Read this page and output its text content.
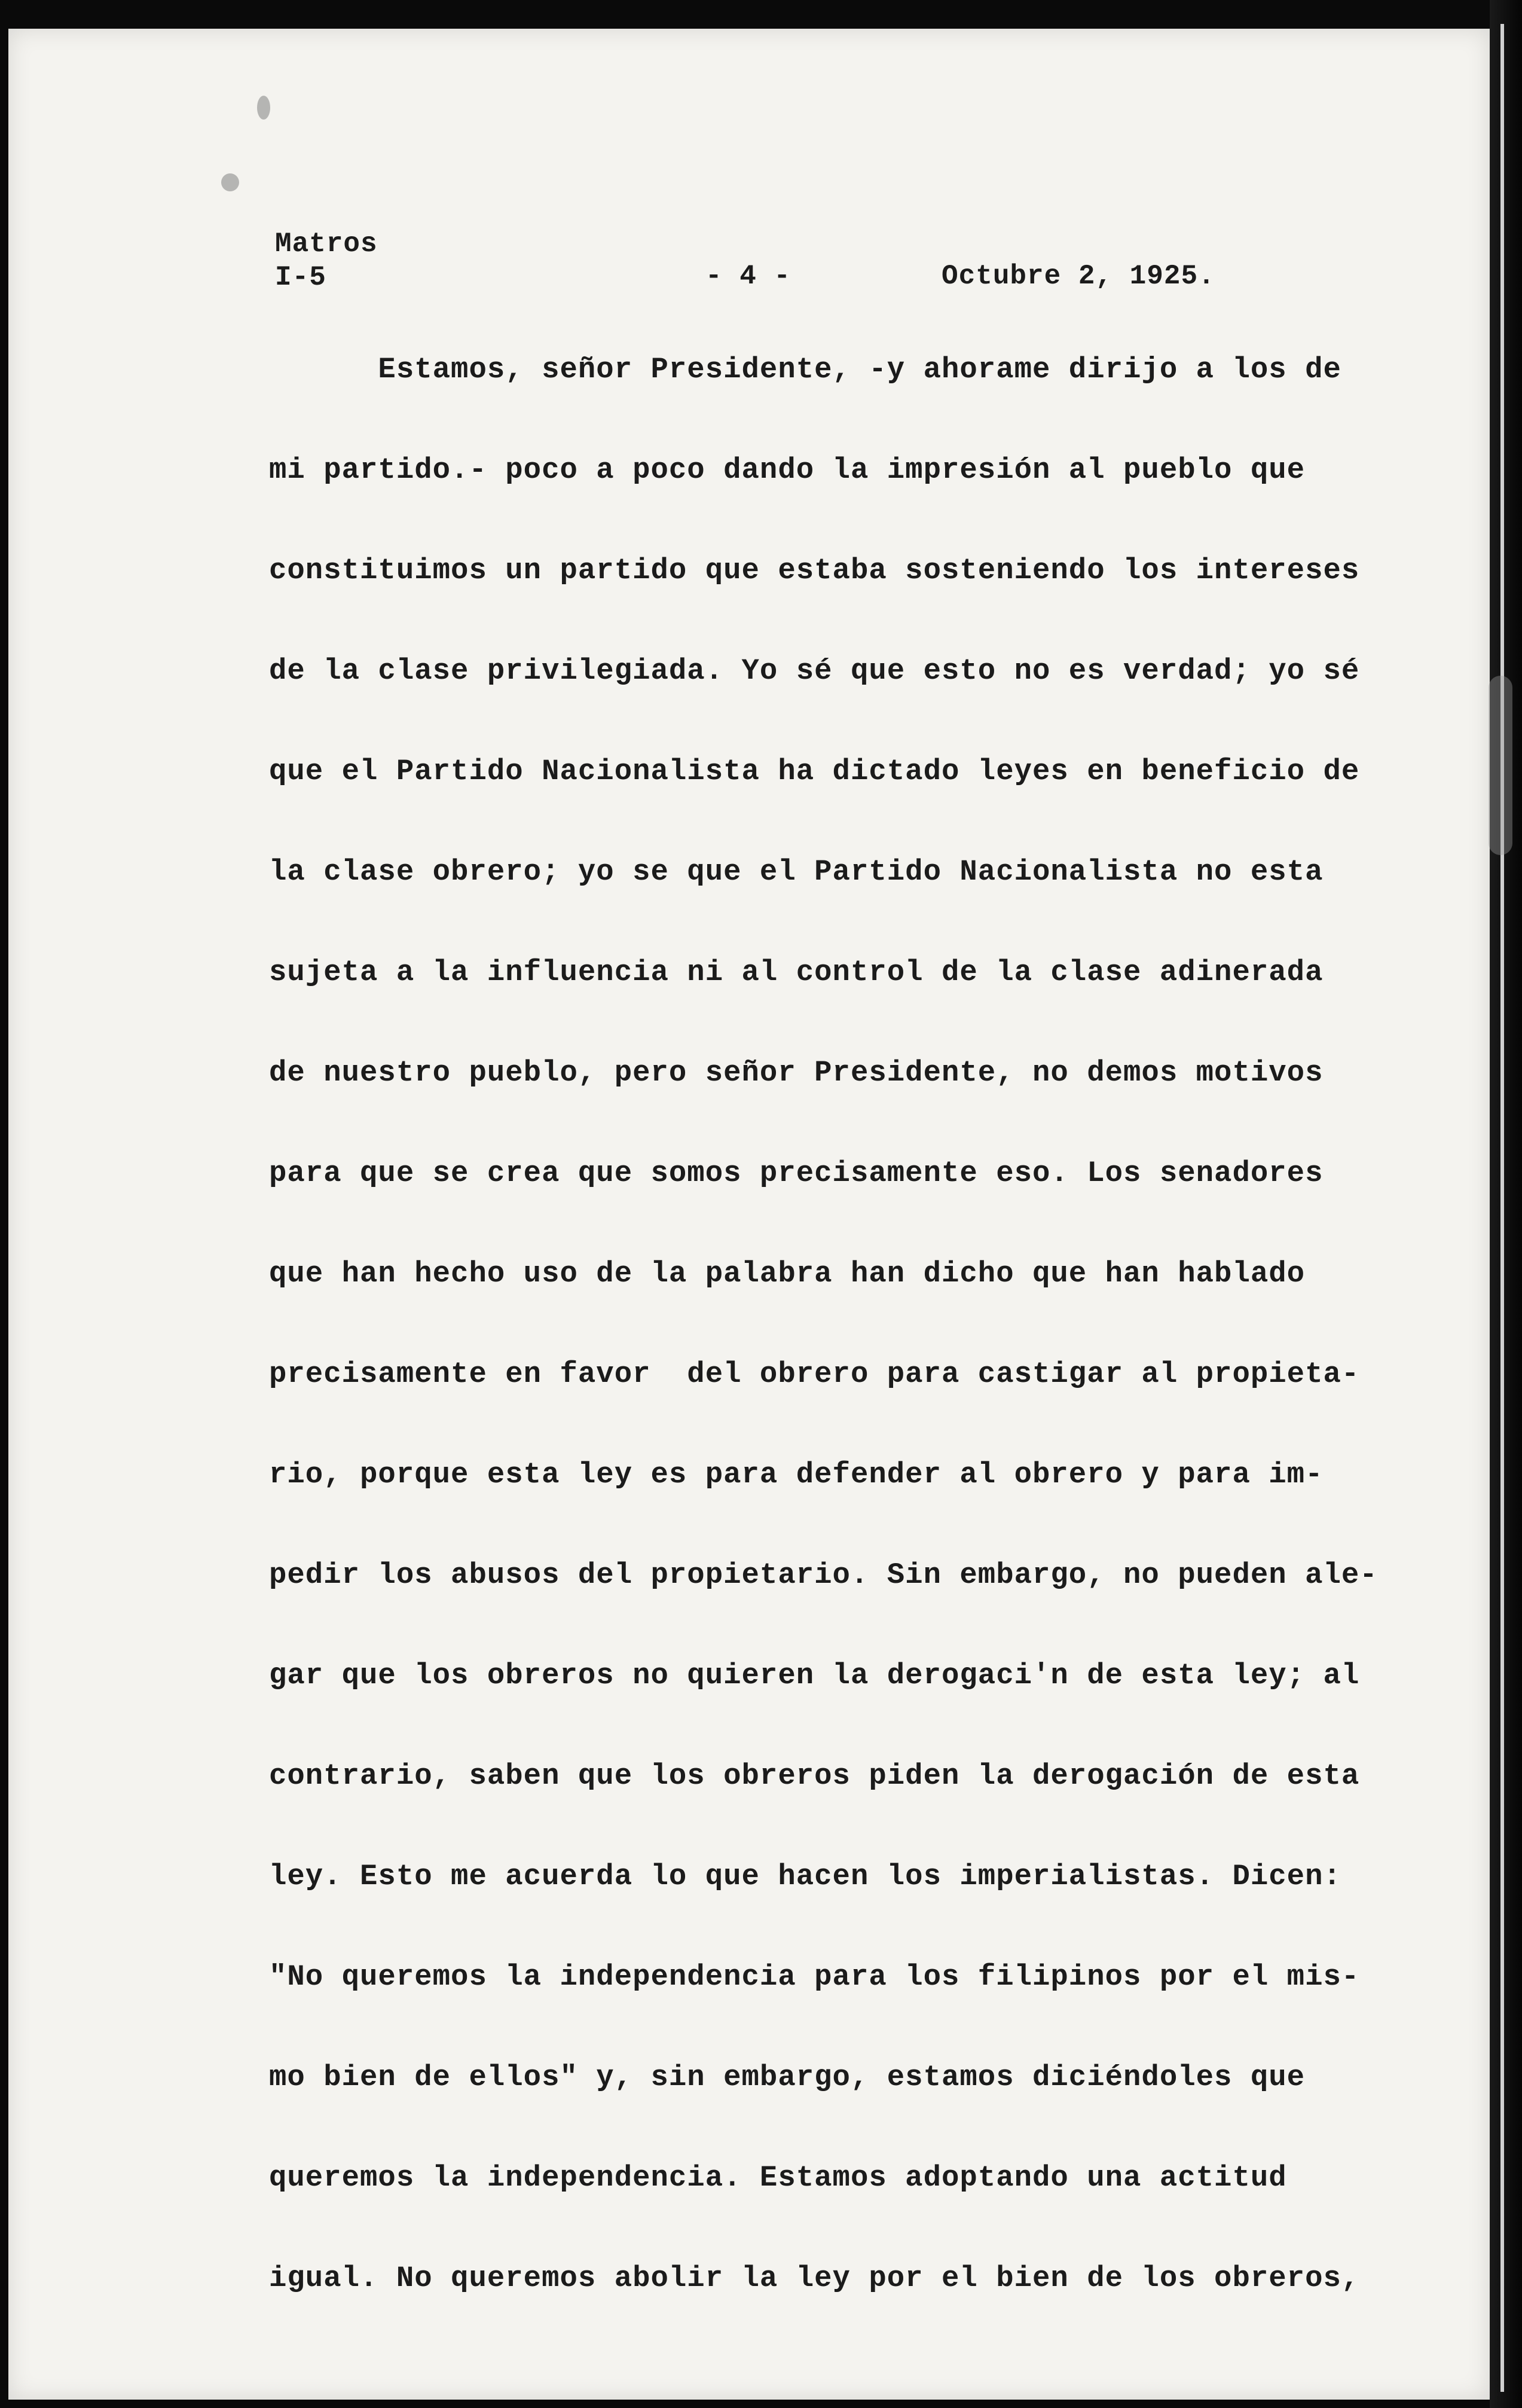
Matros
I-5	- 4 -	Octubre 2, 1925.
Estamos, señor Presidente, -y ahorame dirijo a los de
mi partido.- poco a poco dando la impresión al pueblo que
constituimos un partido que estaba sosteniendo los intereses
de la clase privilegiada. Yo sé que esto no es verdad; yo sé
que el Partido Nacionalista ha dictado leyes en beneficio de
la clase obrero; yo se que el Partido Nacionalista no esta
sujeta a la influencia ni al control de la clase adinerada
de nuestro pueblo, pero señor Presidente, no demos motivos
para que se crea que somos precisamente eso. Los senadores
que han hecho uso de la palabra han dicho que han hablado
precisamente en favor  del obrero para castigar al propieta-
rio, porque esta ley es para defender al obrero y para im-
pedir los abusos del propietario. Sin embargo, no pueden ale-
gar que los obreros no quieren la derogaci'n de esta ley; al
contrario, saben que los obreros piden la derogación de esta
ley. Esto me acuerda lo que hacen los imperialistas. Dicen:
"No queremos la independencia para los filipinos por el mis-
mo bien de ellos" y, sin embargo, estamos diciéndoles que
queremos la independencia. Estamos adoptando una actitud
igual. No queremos abolir la ley por el bien de los obreros,
